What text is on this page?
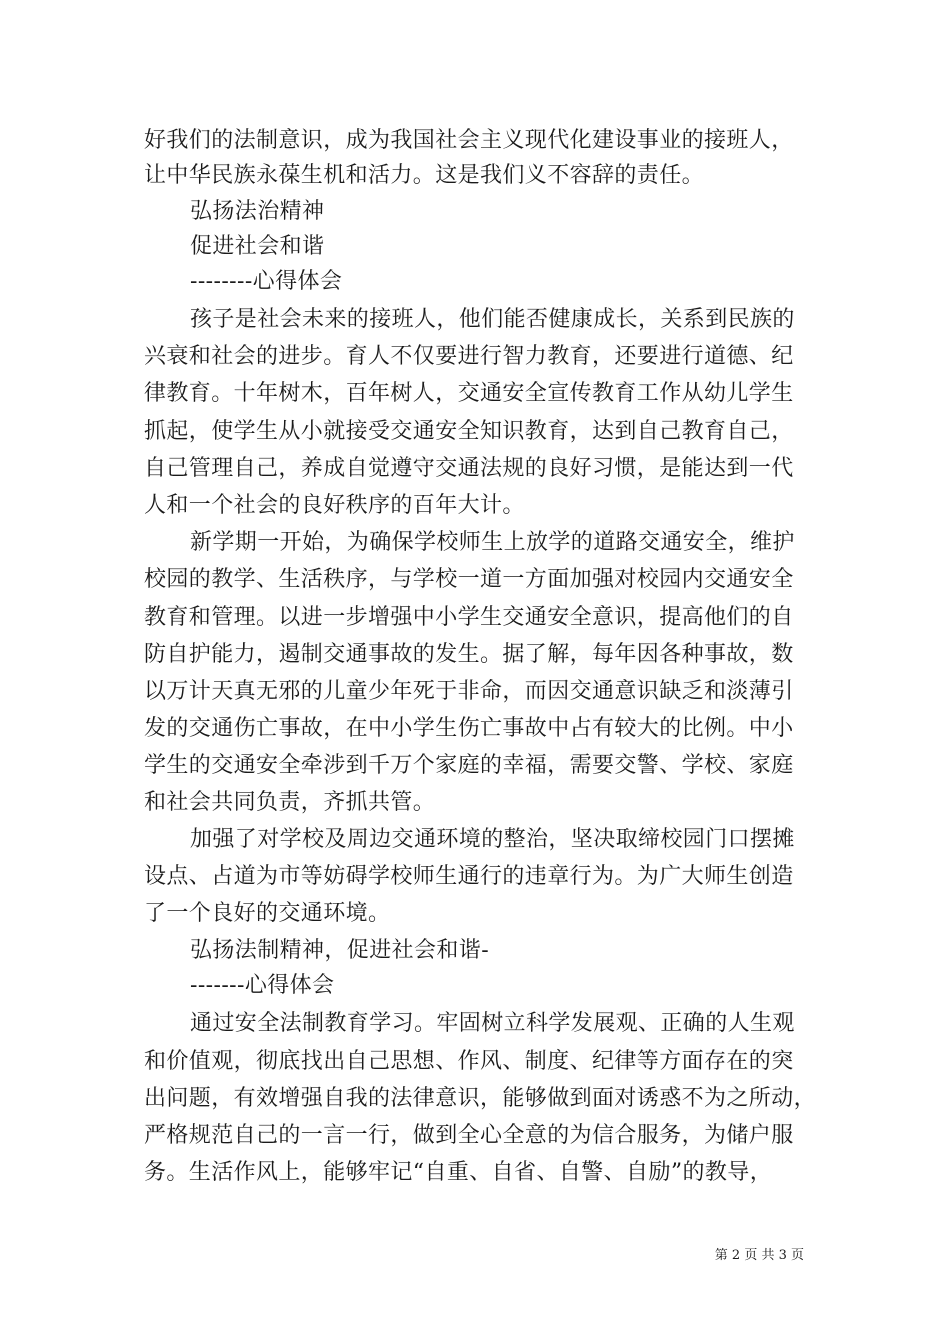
好我们的法制意识，成为我国社会主义现代化建设事业的接班人，
让中华民族永葆生机和活力。这是我们义不容辞的责任。
弘扬法治精神
促进社会和谐
--------心得体会
孩子是社会未来的接班人，他们能否健康成长，关系到民族的
兴衰和社会的进步。育人不仅要进行智力教育，还要进行道德、纪
律教育。十年树木，百年树人，交通安全宣传教育工作从幼儿学生
抓起，使学生从小就接受交通安全知识教育，达到自己教育自己，
自己管理自己，养成自觉遵守交通法规的良好习惯，是能达到一代
人和一个社会的良好秩序的百年大计。
新学期一开始，为确保学校师生上放学的道路交通安全，维护
校园的教学、生活秩序，与学校一道一方面加强对校园内交通安全
教育和管理。以进一步增强中小学生交通安全意识，提高他们的自
防自护能力，遏制交通事故的发生。据了解，每年因各种事故，数
以万计天真无邪的儿童少年死于非命，而因交通意识缺乏和淡薄引
发的交通伤亡事故，在中小学生伤亡事故中占有较大的比例。中小
学生的交通安全牵涉到千万个家庭的幸福，需要交警、学校、家庭
和社会共同负责，齐抓共管。
加强了对学校及周边交通环境的整治，坚决取缔校园门口摆摊
设点、占道为市等妨碍学校师生通行的违章行为。为广大师生创造
了一个良好的交通环境。
弘扬法制精神，促进社会和谐-
-------心得体会
通过安全法制教育学习。牢固树立科学发展观、正确的人生观
和价值观，彻底找出自己思想、作风、制度、纪律等方面存在的突
出问题，有效增强自我的法律意识，能够做到面对诱惑不为之所动，
严格规范自己的一言一行，做到全心全意的为信合服务，为储户服
务。生活作风上，能够牢记“自重、自省、自警、自励”的教导，
第 2 页 共 3 页
